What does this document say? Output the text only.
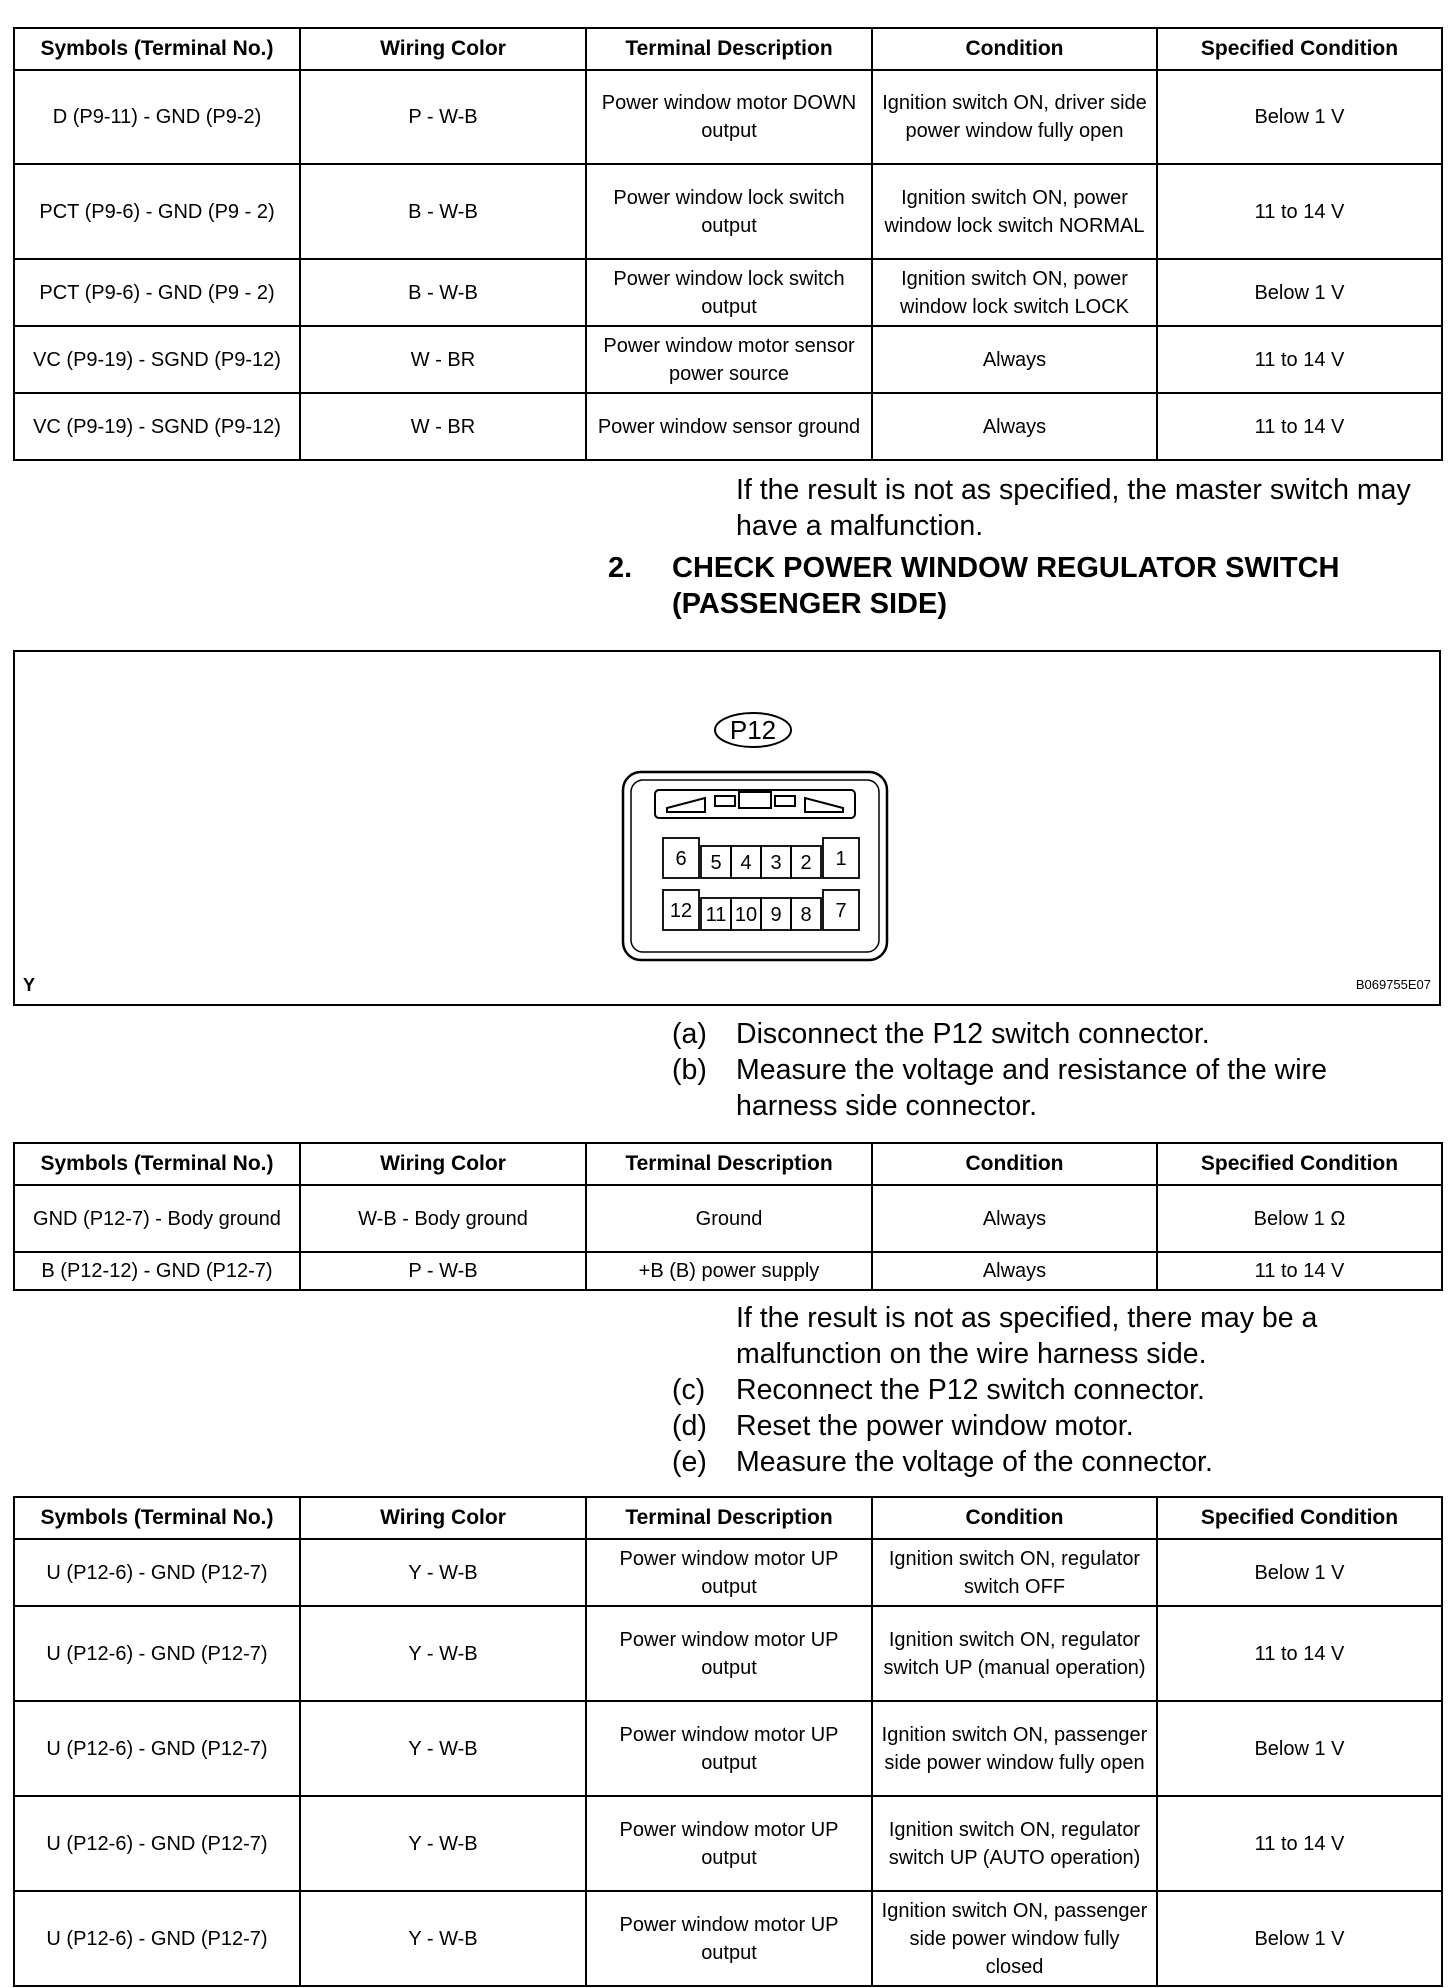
Symbols (Terminal No.)	Wiring Color	Terminal Description	Condition	Specified Condition
D (P9-11) - GND (P9-2)	P - W-B	Power window motor DOWN output	Ignition switch ON, driver side power window fully open	Below 1 V
PCT (P9-6) - GND (P9 - 2)	B - W-B	Power window lock switch output	Ignition switch ON, power window lock switch NORMAL	11 to 14 V
PCT (P9-6) - GND (P9 - 2)	B - W-B	Power window lock switch output	Ignition switch ON, power window lock switch LOCK	Below 1 V
VC (P9-19) - SGND (P9-12)	W - BR	Power window motor sensor power source	Always	11 to 14 V
VC (P9-19) - SGND (P9-12)	W - BR	Power window sensor ground	Always	11 to 14 V
If the result is not as specified, the master switch may have a malfunction.
2. CHECK POWER WINDOW REGULATOR SWITCH
(PASSENGER SIDE)
P12
6 5 4 3 2 1
12 11 10 9 8 7
Y	B069755E07
(a) Disconnect the P12 switch connector.
(b) Measure the voltage and resistance of the wire
harness side connector.
Symbols (Terminal No.)	Wiring Color	Terminal Description	Condition	Specified Condition
GND (P12-7) - Body ground	W-B - Body ground	Ground	Always	Below 1 Ω
B (P12-12) - GND (P12-7)	P - W-B	+B (B) power supply	Always	11 to 14 V
If the result is not as specified, there may be a
malfunction on the wire harness side.
(c) Reconnect the P12 switch connector.
(d) Reset the power window motor.
(e) Measure the voltage of the connector.
Symbols (Terminal No.)	Wiring Color	Terminal Description	Condition	Specified Condition
U (P12-6) - GND (P12-7)	Y - W-B	Power window motor UP output	Ignition switch ON, regulator switch OFF	Below 1 V
U (P12-6) - GND (P12-7)	Y - W-B	Power window motor UP output	Ignition switch ON, regulator switch UP (manual operation)	11 to 14 V
U (P12-6) - GND (P12-7)	Y - W-B	Power window motor UP output	Ignition switch ON, passenger side power window fully open	Below 1 V
U (P12-6) - GND (P12-7)	Y - W-B	Power window motor UP output	Ignition switch ON, regulator switch UP (AUTO operation)	11 to 14 V
U (P12-6) - GND (P12-7)	Y - W-B	Power window motor UP output	Ignition switch ON, passenger side power window fully closed	Below 1 V
